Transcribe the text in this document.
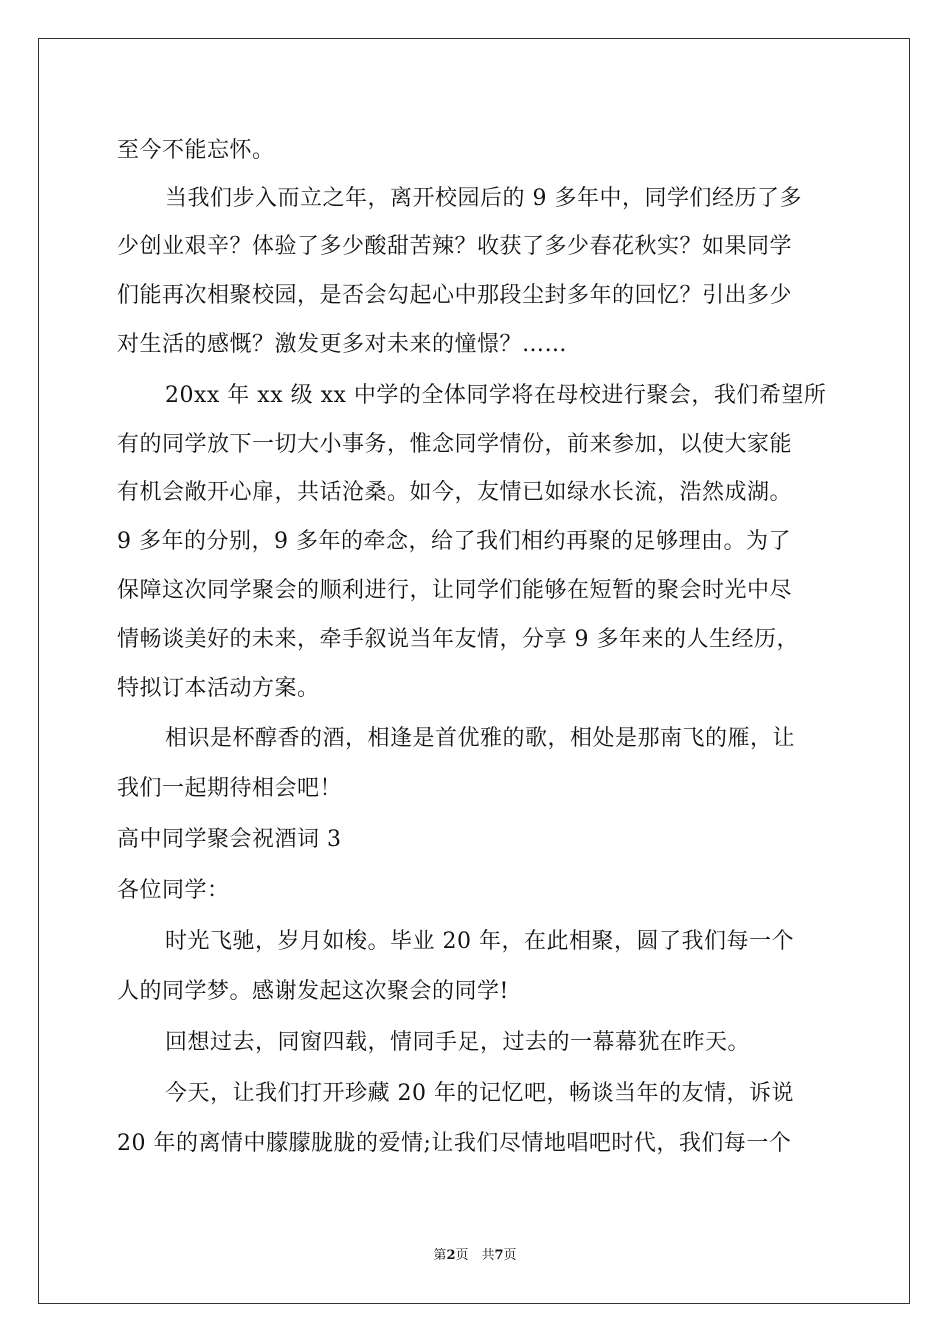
至今不能忘怀。
当我们步入而立之年，离开校园后的 9 多年中，同学们经历了多
少创业艰辛？体验了多少酸甜苦辣？收获了多少春花秋实？如果同学
们能再次相聚校园，是否会勾起心中那段尘封多年的回忆？引出多少
对生活的感慨？激发更多对未来的憧憬？……
20xx 年 xx 级 xx 中学的全体同学将在母校进行聚会，我们希望所
有的同学放下一切大小事务，惟念同学情份，前来参加，以使大家能
有机会敞开心扉，共话沧桑。如今，友情已如绿水长流，浩然成湖。
9 多年的分别，9 多年的牵念，给了我们相约再聚的足够理由。为了
保障这次同学聚会的顺利进行，让同学们能够在短暂的聚会时光中尽
情畅谈美好的未来，牵手叙说当年友情，分享 9 多年来的人生经历，
特拟订本活动方案。
相识是杯醇香的酒，相逢是首优雅的歌，相处是那南飞的雁，让
我们一起期待相会吧！
高中同学聚会祝酒词 3
各位同学：
时光飞驰，岁月如梭。毕业 20 年，在此相聚，圆了我们每一个
人的同学梦。感谢发起这次聚会的同学!
回想过去，同窗四载，情同手足，过去的一幕幕犹在昨天。
今天，让我们打开珍藏 20 年的记忆吧，畅谈当年的友情，诉说
20 年的离情中朦朦胧胧的爱情;让我们尽情地唱吧时代，我们每一个
第2页　共7页
